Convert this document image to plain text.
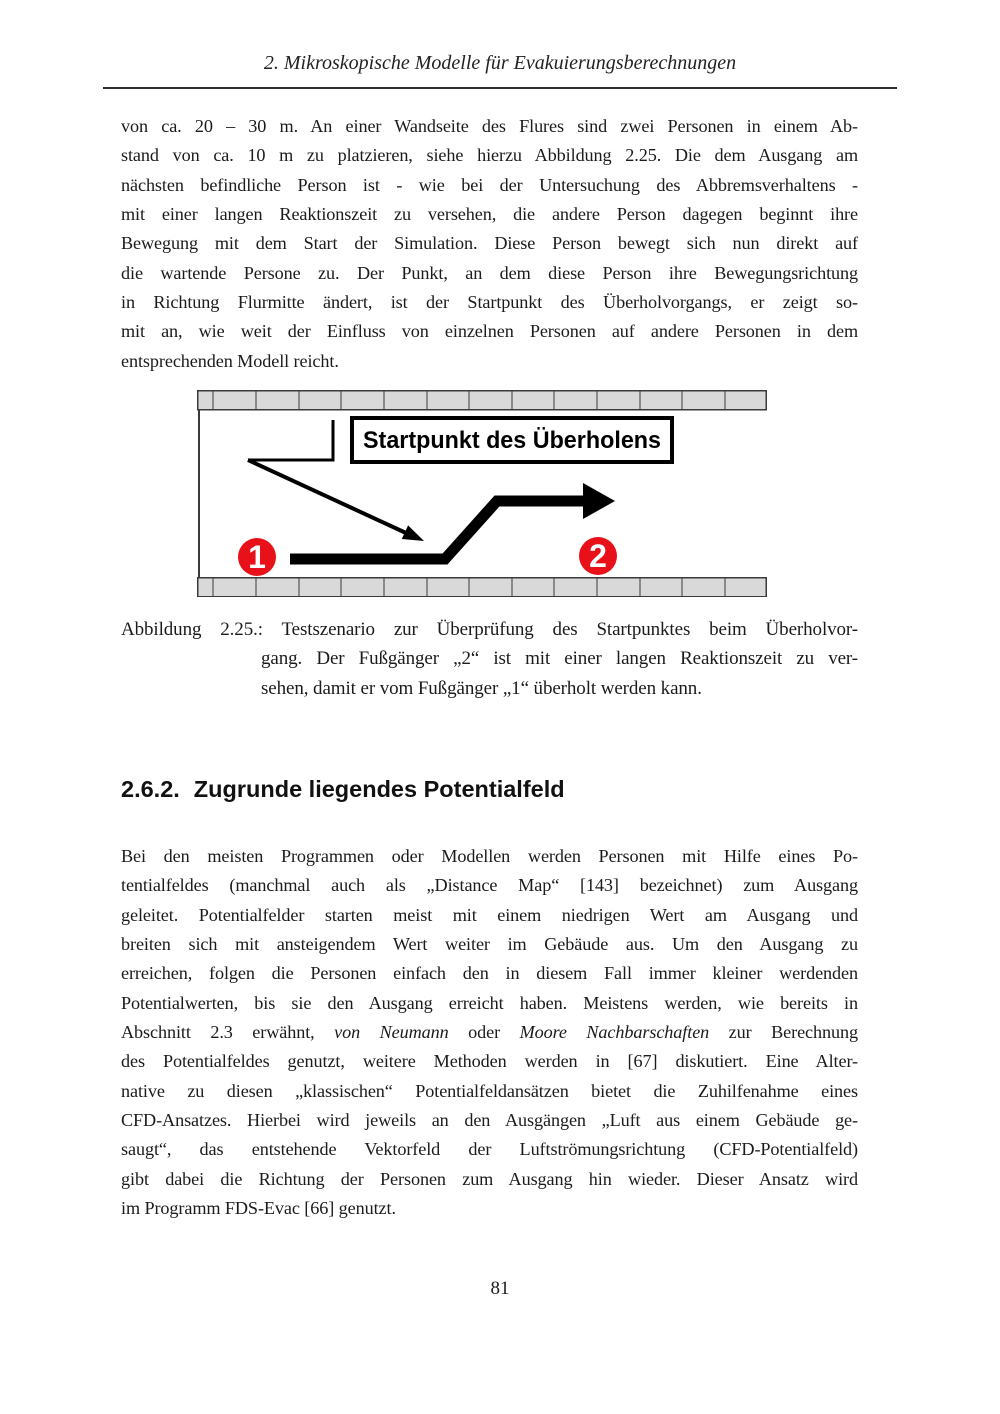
2. Mikroskopische Modelle für Evakuierungsberechnungen
von ca. 20 – 30 m. An einer Wandseite des Flures sind zwei Personen in einem Ab-
stand von ca. 10 m zu platzieren, siehe hierzu Abbildung 2.25. Die dem Ausgang am
nächsten befindliche Person ist - wie bei der Untersuchung des Abbremsverhaltens -
mit einer langen Reaktionszeit zu versehen, die andere Person dagegen beginnt ihre
Bewegung mit dem Start der Simulation. Diese Person bewegt sich nun direkt auf
die wartende Persone zu. Der Punkt, an dem diese Person ihre Bewegungsrichtung
in Richtung Flurmitte ändert, ist der Startpunkt des Überholvorgangs, er zeigt so-
mit an, wie weit der Einfluss von einzelnen Personen auf andere Personen in dem
entsprechenden Modell reicht.
Startpunkt des Überholens
1	2
Abbildung 2.25.: Testszenario zur Überprüfung des Startpunktes beim Überholvor-
gang. Der Fußgänger „2“ ist mit einer langen Reaktionszeit zu ver-
sehen, damit er vom Fußgänger „1“ überholt werden kann.
2.6.2. Zugrunde liegendes Potentialfeld
Bei den meisten Programmen oder Modellen werden Personen mit Hilfe eines Po-
tentialfeldes (manchmal auch als „Distance Map“ [143] bezeichnet) zum Ausgang
geleitet. Potentialfelder starten meist mit einem niedrigen Wert am Ausgang und
breiten sich mit ansteigendem Wert weiter im Gebäude aus. Um den Ausgang zu
erreichen, folgen die Personen einfach den in diesem Fall immer kleiner werdenden
Potentialwerten, bis sie den Ausgang erreicht haben. Meistens werden, wie bereits in
Abschnitt 2.3 erwähnt, von Neumann oder Moore Nachbarschaften zur Berechnung
des Potentialfeldes genutzt, weitere Methoden werden in [67] diskutiert. Eine Alter-
native zu diesen „klassischen“ Potentialfeldansätzen bietet die Zuhilfenahme eines
CFD-Ansatzes. Hierbei wird jeweils an den Ausgängen „Luft aus einem Gebäude ge-
saugt“, das entstehende Vektorfeld der Luftströmungsrichtung (CFD-Potentialfeld)
gibt dabei die Richtung der Personen zum Ausgang hin wieder. Dieser Ansatz wird
im Programm FDS-Evac [66] genutzt.
81
